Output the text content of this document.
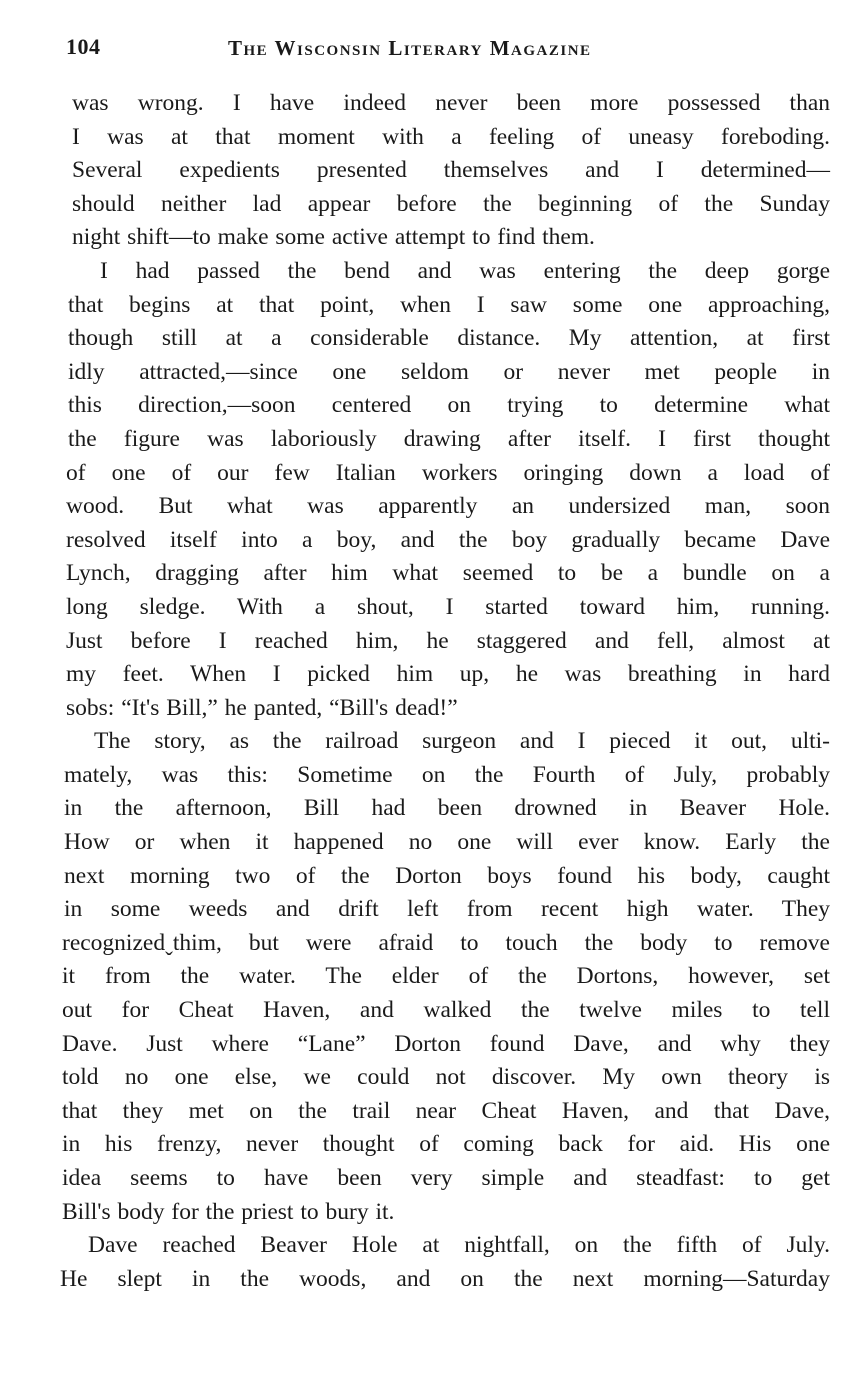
104	The Wisconsin Literary Magazine
was wrong. I have indeed never been more possessed than
I was at that moment with a feeling of uneasy foreboding.
Several expedients presented themselves and I determined—
should neither lad appear before the beginning of the Sunday
night shift—to make some active attempt to find them.
I had passed the bend and was entering the deep gorge
that begins at that point, when I saw some one approaching,
though still at a considerable distance. My attention, at first
idly attracted,—since one seldom or never met people in
this direction,—soon centered on trying to determine what
the figure was laboriously drawing after itself. I first thought
of one of our few Italian workers oringing down a load of
wood. But what was apparently an undersized man, soon
resolved itself into a boy, and the boy gradually became Dave
Lynch, dragging after him what seemed to be a bundle on a
long sledge. With a shout, I started toward him, running.
Just before I reached him, he staggered and fell, almost at
my feet. When I picked him up, he was breathing in hard
sobs: “It's Bill,” he panted, “Bill's dead!”
The story, as the railroad surgeon and I pieced it out, ulti-
mately, was this: Sometime on the Fourth of July, probably
in the afternoon, Bill had been drowned in Beaver Hole.
How or when it happened no one will ever know. Early the
next morning two of the Dorton boys found his body, caught
in some weeds and drift left from recent high water. They
recognizedˬthim, but were afraid to touch the body to remove
it from the water. The elder of the Dortons, however, set
out for Cheat Haven, and walked the twelve miles to tell
Dave. Just where “Lane” Dorton found Dave, and why they
told no one else, we could not discover. My own theory is
that they met on the trail near Cheat Haven, and that Dave,
in his frenzy, never thought of coming back for aid. His one
idea seems to have been very simple and steadfast: to get
Bill's body for the priest to bury it.
Dave reached Beaver Hole at nightfall, on the fifth of July.
He slept in the woods, and on the next morning—Saturday
